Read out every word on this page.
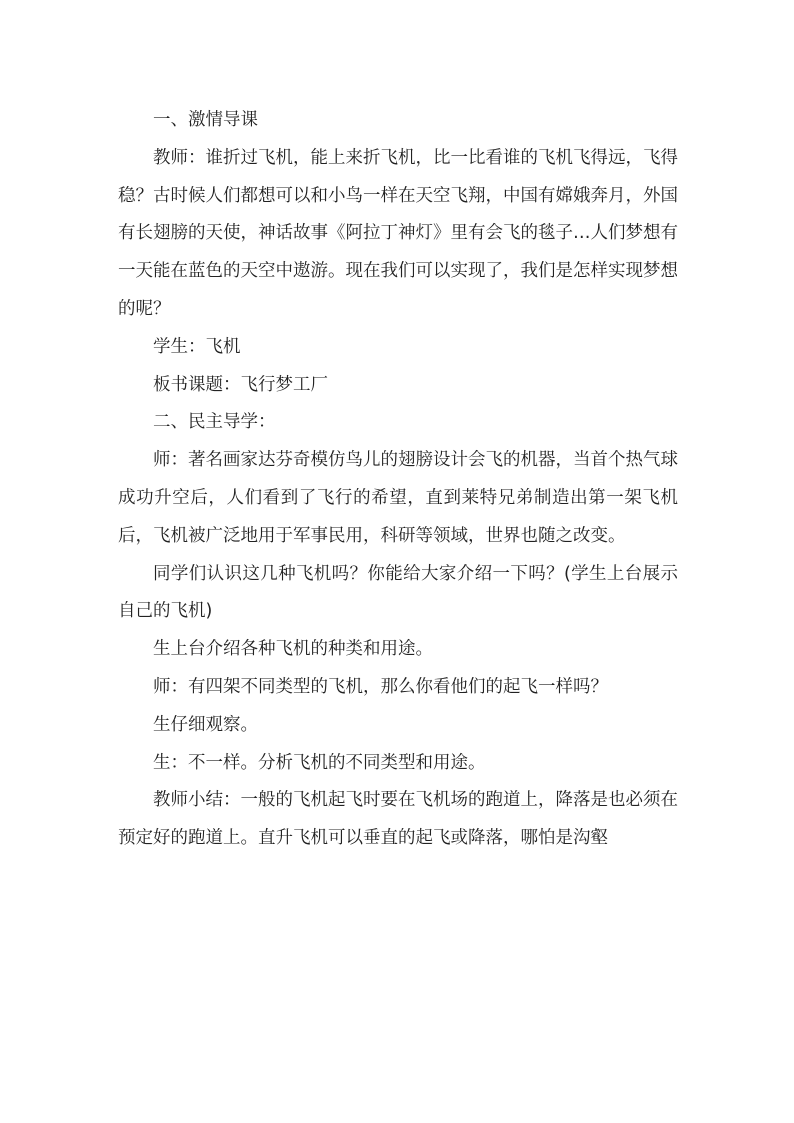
一、激情导课

教师：谁折过飞机，能上来折飞机，比一比看谁的飞机飞得远，飞得稳？古时候人们都想可以和小鸟一样在天空飞翔，中国有嫦娥奔月，外国有长翅膀的天使，神话故事《阿拉丁神灯》里有会飞的毯子…人们梦想有一天能在蓝色的天空中遨游。现在我们可以实现了，我们是怎样实现梦想的呢？

学生：飞机

板书课题：飞行梦工厂

二、民主导学：

师：著名画家达芬奇模仿鸟儿的翅膀设计会飞的机器，当首个热气球成功升空后，人们看到了飞行的希望，直到莱特兄弟制造出第一架飞机后，飞机被广泛地用于军事民用，科研等领域，世界也随之改变。

同学们认识这几种飞机吗？你能给大家介绍一下吗？(学生上台展示自己的飞机)

生上台介绍各种飞机的种类和用途。

师：有四架不同类型的飞机，那么你看他们的起飞一样吗？

生仔细观察。

生：不一样。分析飞机的不同类型和用途。

教师小结：一般的飞机起飞时要在飞机场的跑道上，降落是也必须在预定好的跑道上。直升飞机可以垂直的起飞或降落，哪怕是沟壑
